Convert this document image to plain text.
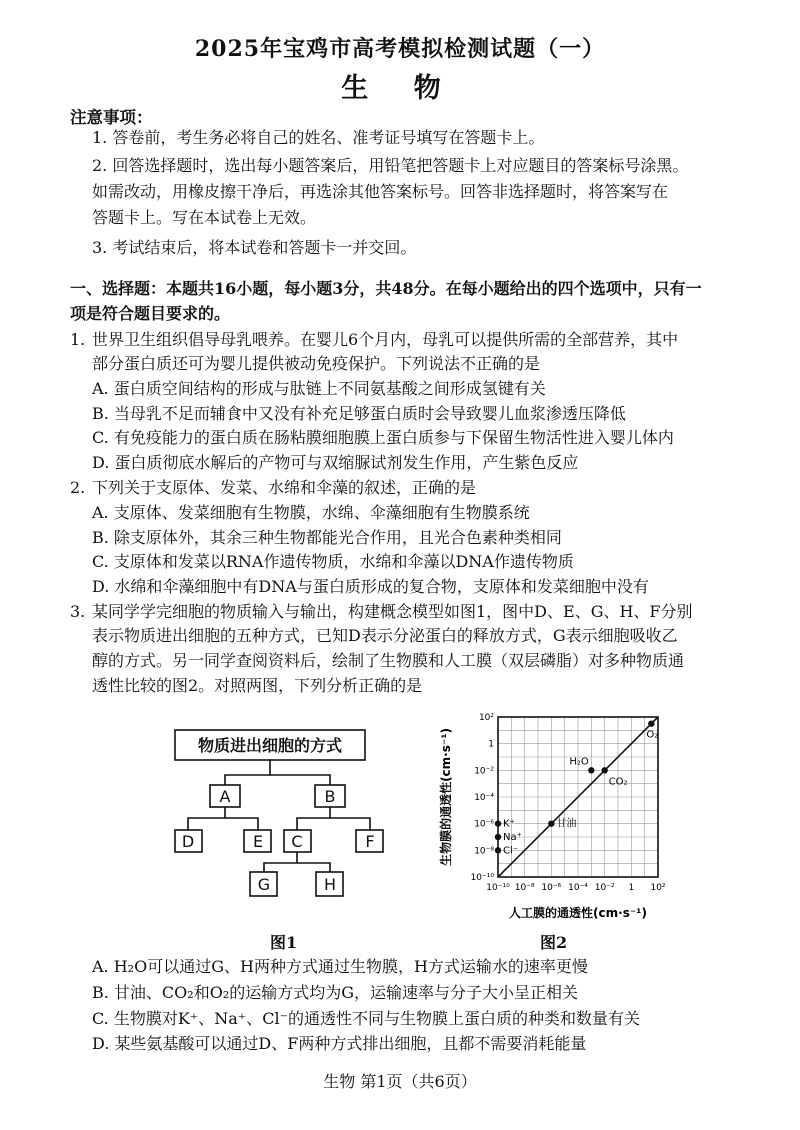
2025年宝鸡市高考模拟检测试题（一）
生 物
注意事项：
1. 答卷前，考生务必将自己的姓名、准考证号填写在答题卡上。
2. 回答选择题时，选出每小题答案后，用铅笔把答题卡上对应题目的答案标号涂黑。
如需改动，用橡皮擦干净后，再选涂其他答案标号。回答非选择题时，将答案写在
答题卡上。写在本试卷上无效。
3. 考试结束后，将本试卷和答题卡一并交回。
一、选择题：本题共16小题，每小题3分，共48分。在每小题给出的四个选项中，只有一
项是符合题目要求的。
1. 世界卫生组织倡导母乳喂养。在婴儿6个月内，母乳可以提供所需的全部营养，其中
部分蛋白质还可为婴儿提供被动免疫保护。下列说法不正确的是
A. 蛋白质空间结构的形成与肽链上不同氨基酸之间形成氢键有关
B. 当母乳不足而辅食中又没有补充足够蛋白质时会导致婴儿血浆渗透压降低
C. 有免疫能力的蛋白质在肠粘膜细胞膜上蛋白质参与下保留生物活性进入婴儿体内
D. 蛋白质彻底水解后的产物可与双缩脲试剂发生作用，产生紫色反应
2. 下列关于支原体、发菜、水绵和伞藻的叙述，正确的是
A. 支原体、发菜细胞有生物膜，水绵、伞藻细胞有生物膜系统
B. 除支原体外，其余三种生物都能光合作用，且光合色素种类相同
C. 支原体和发菜以RNA作遗传物质，水绵和伞藻以DNA作遗传物质
D. 水绵和伞藻细胞中有DNA与蛋白质形成的复合物，支原体和发菜细胞中没有
3. 某同学学完细胞的物质输入与输出，构建概念模型如图1，图中D、E、G、H、F分别
表示物质进出细胞的五种方式，已知D表示分泌蛋白的释放方式，G表示细胞吸收乙
醇的方式。另一同学查阅资料后，绘制了生物膜和人工膜（双层磷脂）对多种物质通
透性比较的图2。对照两图，下列分析正确的是
物质进出细胞的方式
A	B
D	E C	F
G	H
图1
10⁻¹⁰ 10⁻⁸ 10⁻⁶ 10⁻⁴ 10⁻² 1 10²
10⁻¹⁰
10⁻⁸
10⁻⁶
10⁻⁴
10⁻²
1
10²
O₂
H₂O
CO₂
甘油
K⁺
Na⁺
Cl⁻
人工膜的通透性(cm·s⁻¹)
生物膜的通透性(cm·s⁻¹)
图2
A. H₂O可以通过G、H两种方式通过生物膜，H方式运输水的速率更慢
B. 甘油、CO₂和O₂的运输方式均为G，运输速率与分子大小呈正相关
C. 生物膜对K⁺、Na⁺、Cl⁻的通透性不同与生物膜上蛋白质的种类和数量有关
D. 某些氨基酸可以通过D、F两种方式排出细胞，且都不需要消耗能量
生物 第1页（共6页）
